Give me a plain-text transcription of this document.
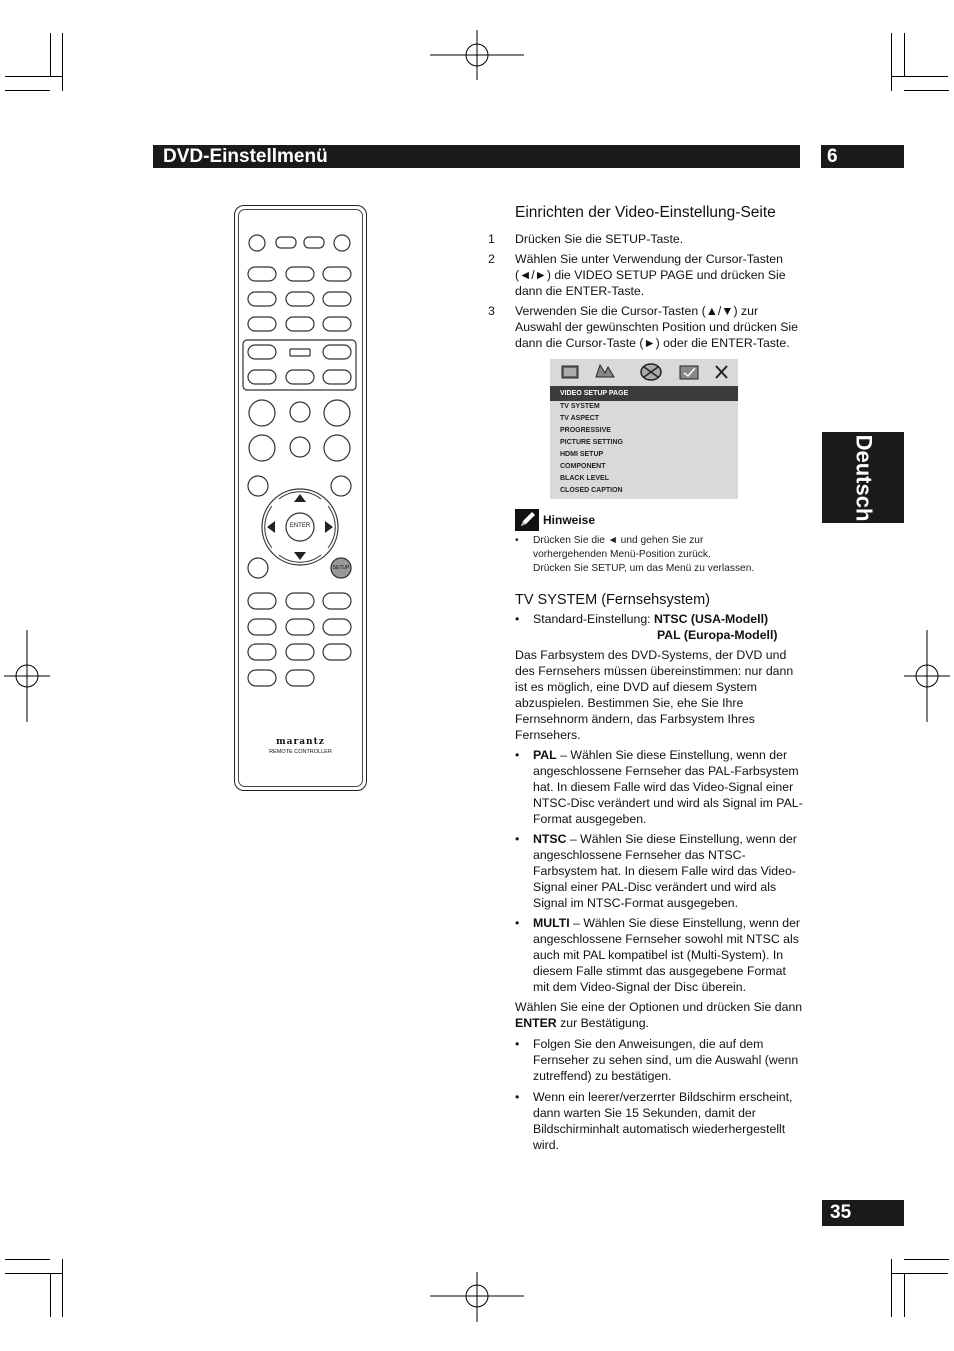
DVD-Einstellmenü	6
Deutsch
35
ENTER
SETUP
marantz
REMOTE CONTROLLER
Einrichten der Video-Einstellung-Seite
1 Drücken Sie die SETUP-Taste.

2 Wählen Sie unter Verwendung der Cursor-Tasten (◄/►) die VIDEO SETUP PAGE und drücken Sie dann die ENTER-Taste.

3 Verwenden Sie die Cursor-Tasten (▲/▼) zur Auswahl der gewünschten Position und drücken Sie dann die Cursor-Taste (►) oder die ENTER-Taste.

VIDEO SETUP PAGE
TV SYSTEM
TV ASPECT
PROGRESSIVE
PICTURE SETTING
HDMI SETUP
COMPONENT
BLACK LEVEL
CLOSED CAPTION
Hinweise
• Drücken Sie die ◄ und gehen Sie zur
vorhergehenden Menü-Position zurück.
Drücken Sie SETUP, um das Menü zu verlassen.

TV SYSTEM (Fernsehsystem)

• Standard-Einstellung: NTSC (USA-Modell)
PAL (Europa-Modell)

Das Farbsystem des DVD-Systems, der DVD und des Fernsehers müssen übereinstimmen: nur dann ist es möglich, eine DVD auf diesem System abzuspielen. Bestimmen Sie, ehe Sie Ihre Fernsehnorm ändern, das Farbsystem Ihres Fernsehers.

• PAL – Wählen Sie diese Einstellung, wenn der angeschlossene Fernseher das PAL-Farbsystem hat. In diesem Falle wird das Video-Signal einer NTSC-Disc verändert und wird als Signal im PAL-Format ausgegeben.
• NTSC – Wählen Sie diese Einstellung, wenn der angeschlossene Fernseher das NTSC-Farbsystem hat. In diesem Falle wird das Video-Signal einer PAL-Disc verändert und wird als Signal im NTSC-Format ausgegeben.
• MULTI – Wählen Sie diese Einstellung, wenn der angeschlossene Fernseher sowohl mit NTSC als auch mit PAL kompatibel ist (Multi-System). In diesem Falle stimmt das ausgegebene Format mit dem Video-Signal der Disc überein.

Wählen Sie eine der Optionen und drücken Sie dann ENTER zur Bestätigung.

• Folgen Sie den Anweisungen, die auf dem Fernseher zu sehen sind, um die Auswahl (wenn zutreffend) zu bestätigen.
• Wenn ein leerer/verzerrter Bildschirm erscheint, dann warten Sie 15 Sekunden, damit der Bildschirminhalt automatisch wiederhergestellt wird.
